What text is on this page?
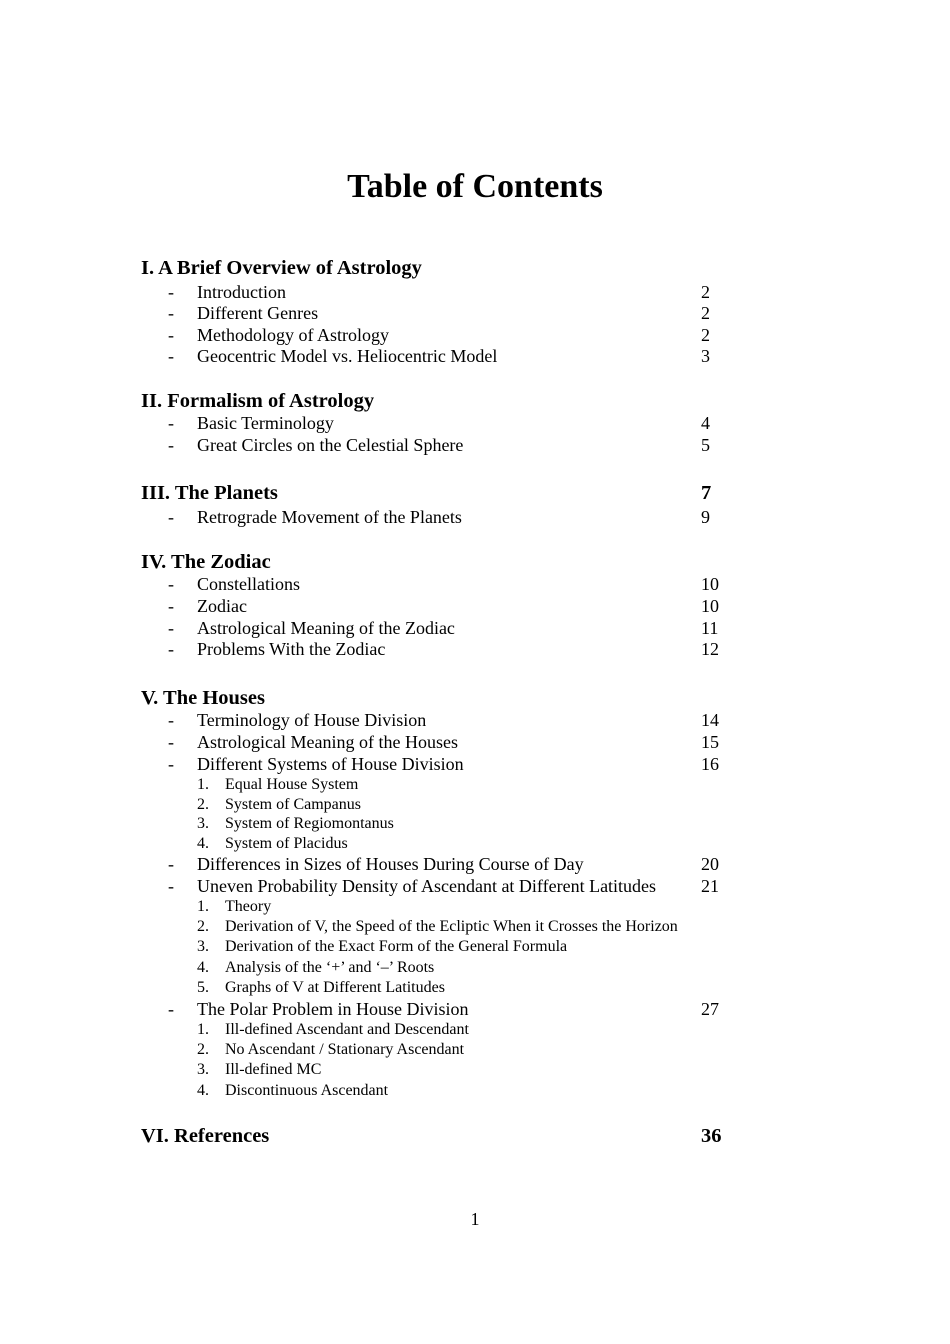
Table of Contents
I. A Brief Overview of Astrology
- Introduction	2
- Different Genres	2
- Methodology of Astrology	2
- Geocentric Model vs. Heliocentric Model	3
II. Formalism of Astrology
- Basic Terminology	4
- Great Circles on the Celestial Sphere	5
III. The Planets	7
- Retrograde Movement of the Planets	9
IV. The Zodiac
- Constellations	10
- Zodiac	10
- Astrological Meaning of the Zodiac	11
- Problems With the Zodiac	12
V. The Houses
- Terminology of House Division	14
- Astrological Meaning of the Houses	15
- Different Systems of House Division	16
1.	Equal House System
2.	System of Campanus
3.	System of Regiomontanus
4.	System of Placidus
- Differences in Sizes of Houses During Course of Day	20
- Uneven Probability Density of Ascendant at Different Latitudes 21
1.	Theory
2.	Derivation of V, the Speed of the Ecliptic When it Crosses the Horizon
3.	Derivation of the Exact Form of the General Formula
4.	Analysis of the ‘+’ and ‘–’ Roots
5.	Graphs of V at Different Latitudes
- The Polar Problem in House Division	27
1.	Ill-defined Ascendant and Descendant
2.	No Ascendant / Stationary Ascendant
3.	Ill-defined MC
4.	Discontinuous Ascendant
VI. References	36
1
